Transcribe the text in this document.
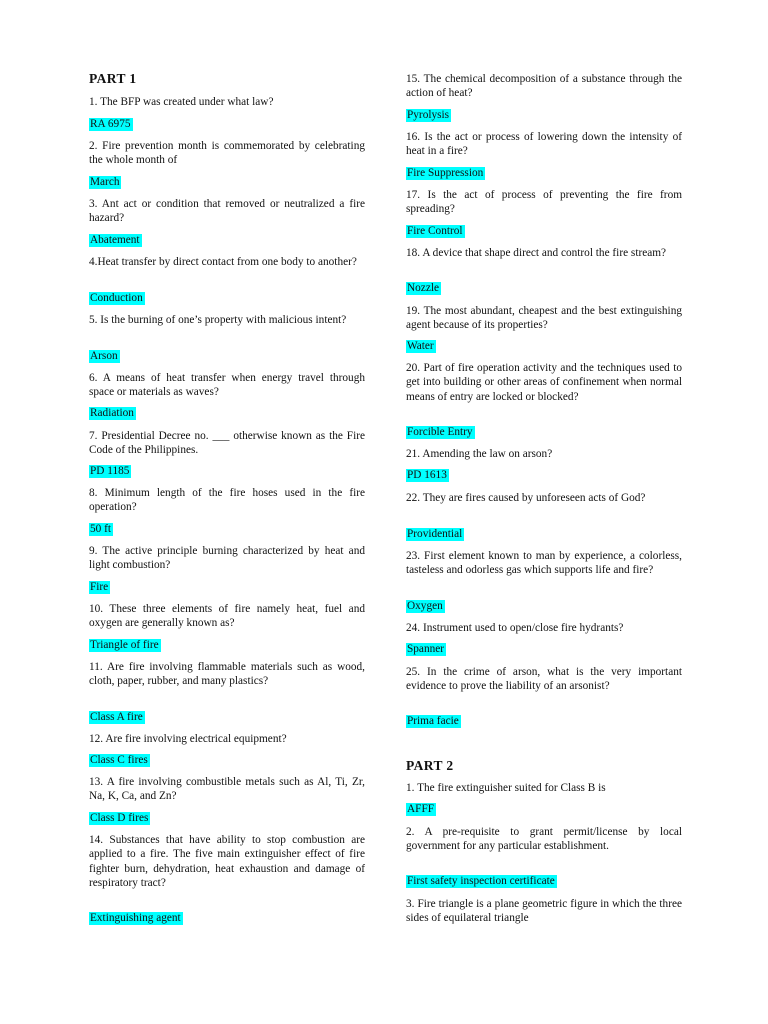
PART 1
1. The BFP was created under what law?
RA 6975
2. Fire prevention month is commemorated by celebrating the whole month of
March
3. Ant act or condition that removed or neutralized a fire hazard?
Abatement
4.Heat transfer by direct contact from one body to another?
Conduction
5. Is the burning of one’s property with malicious intent?
Arson
6. A means of heat transfer when energy travel through space or materials as waves?
Radiation
7. Presidential Decree no. ___ otherwise known as the Fire Code of the Philippines.
PD 1185
8. Minimum length of the fire hoses used in the fire operation?
50 ft
9. The active principle burning characterized by heat and light combustion?
Fire
10. These three elements of fire namely heat, fuel and oxygen are generally known as?
Triangle of fire
11. Are fire involving flammable materials such as wood, cloth, paper, rubber, and many plastics?
Class A fire
12. Are fire involving electrical equipment?
Class C fires
13. A fire involving combustible metals such as Al, Ti, Zr, Na, K, Ca, and Zn?
Class D fires
14. Substances that have ability to stop combustion are applied to a fire. The five main extinguisher effect of fire fighter burn, dehydration, heat exhaustion and damage of respiratory tract?
Extinguishing agent
15. The chemical decomposition of a substance through the action of heat?
Pyrolysis
16. Is the act or process of lowering down the intensity of heat in a fire?
Fire Suppression
17. Is the act of process of preventing the fire from spreading?
Fire Control
18. A device that shape direct and control the fire stream?
Nozzle
19. The most abundant, cheapest and the best extinguishing agent because of its properties?
Water
20. Part of fire operation activity and the techniques used to get into building or other areas of confinement when normal means of entry are locked or blocked?
Forcible Entry
21. Amending the law on arson?
PD 1613
22. They are fires caused by unforeseen acts of God?
Providential
23. First element known to man by experience, a colorless, tasteless and odorless gas which supports life and fire?
Oxygen
24. Instrument used to open/close fire hydrants?
Spanner
25. In the crime of arson, what is the very important evidence to prove the liability of an arsonist?
Prima facie
PART 2
1. The fire extinguisher suited for Class B is
AFFF
2. A pre-requisite to grant permit/license by local government for any particular establishment.
First safety inspection certificate
3. Fire triangle is a plane geometric figure in which the three sides of equilateral triangle
